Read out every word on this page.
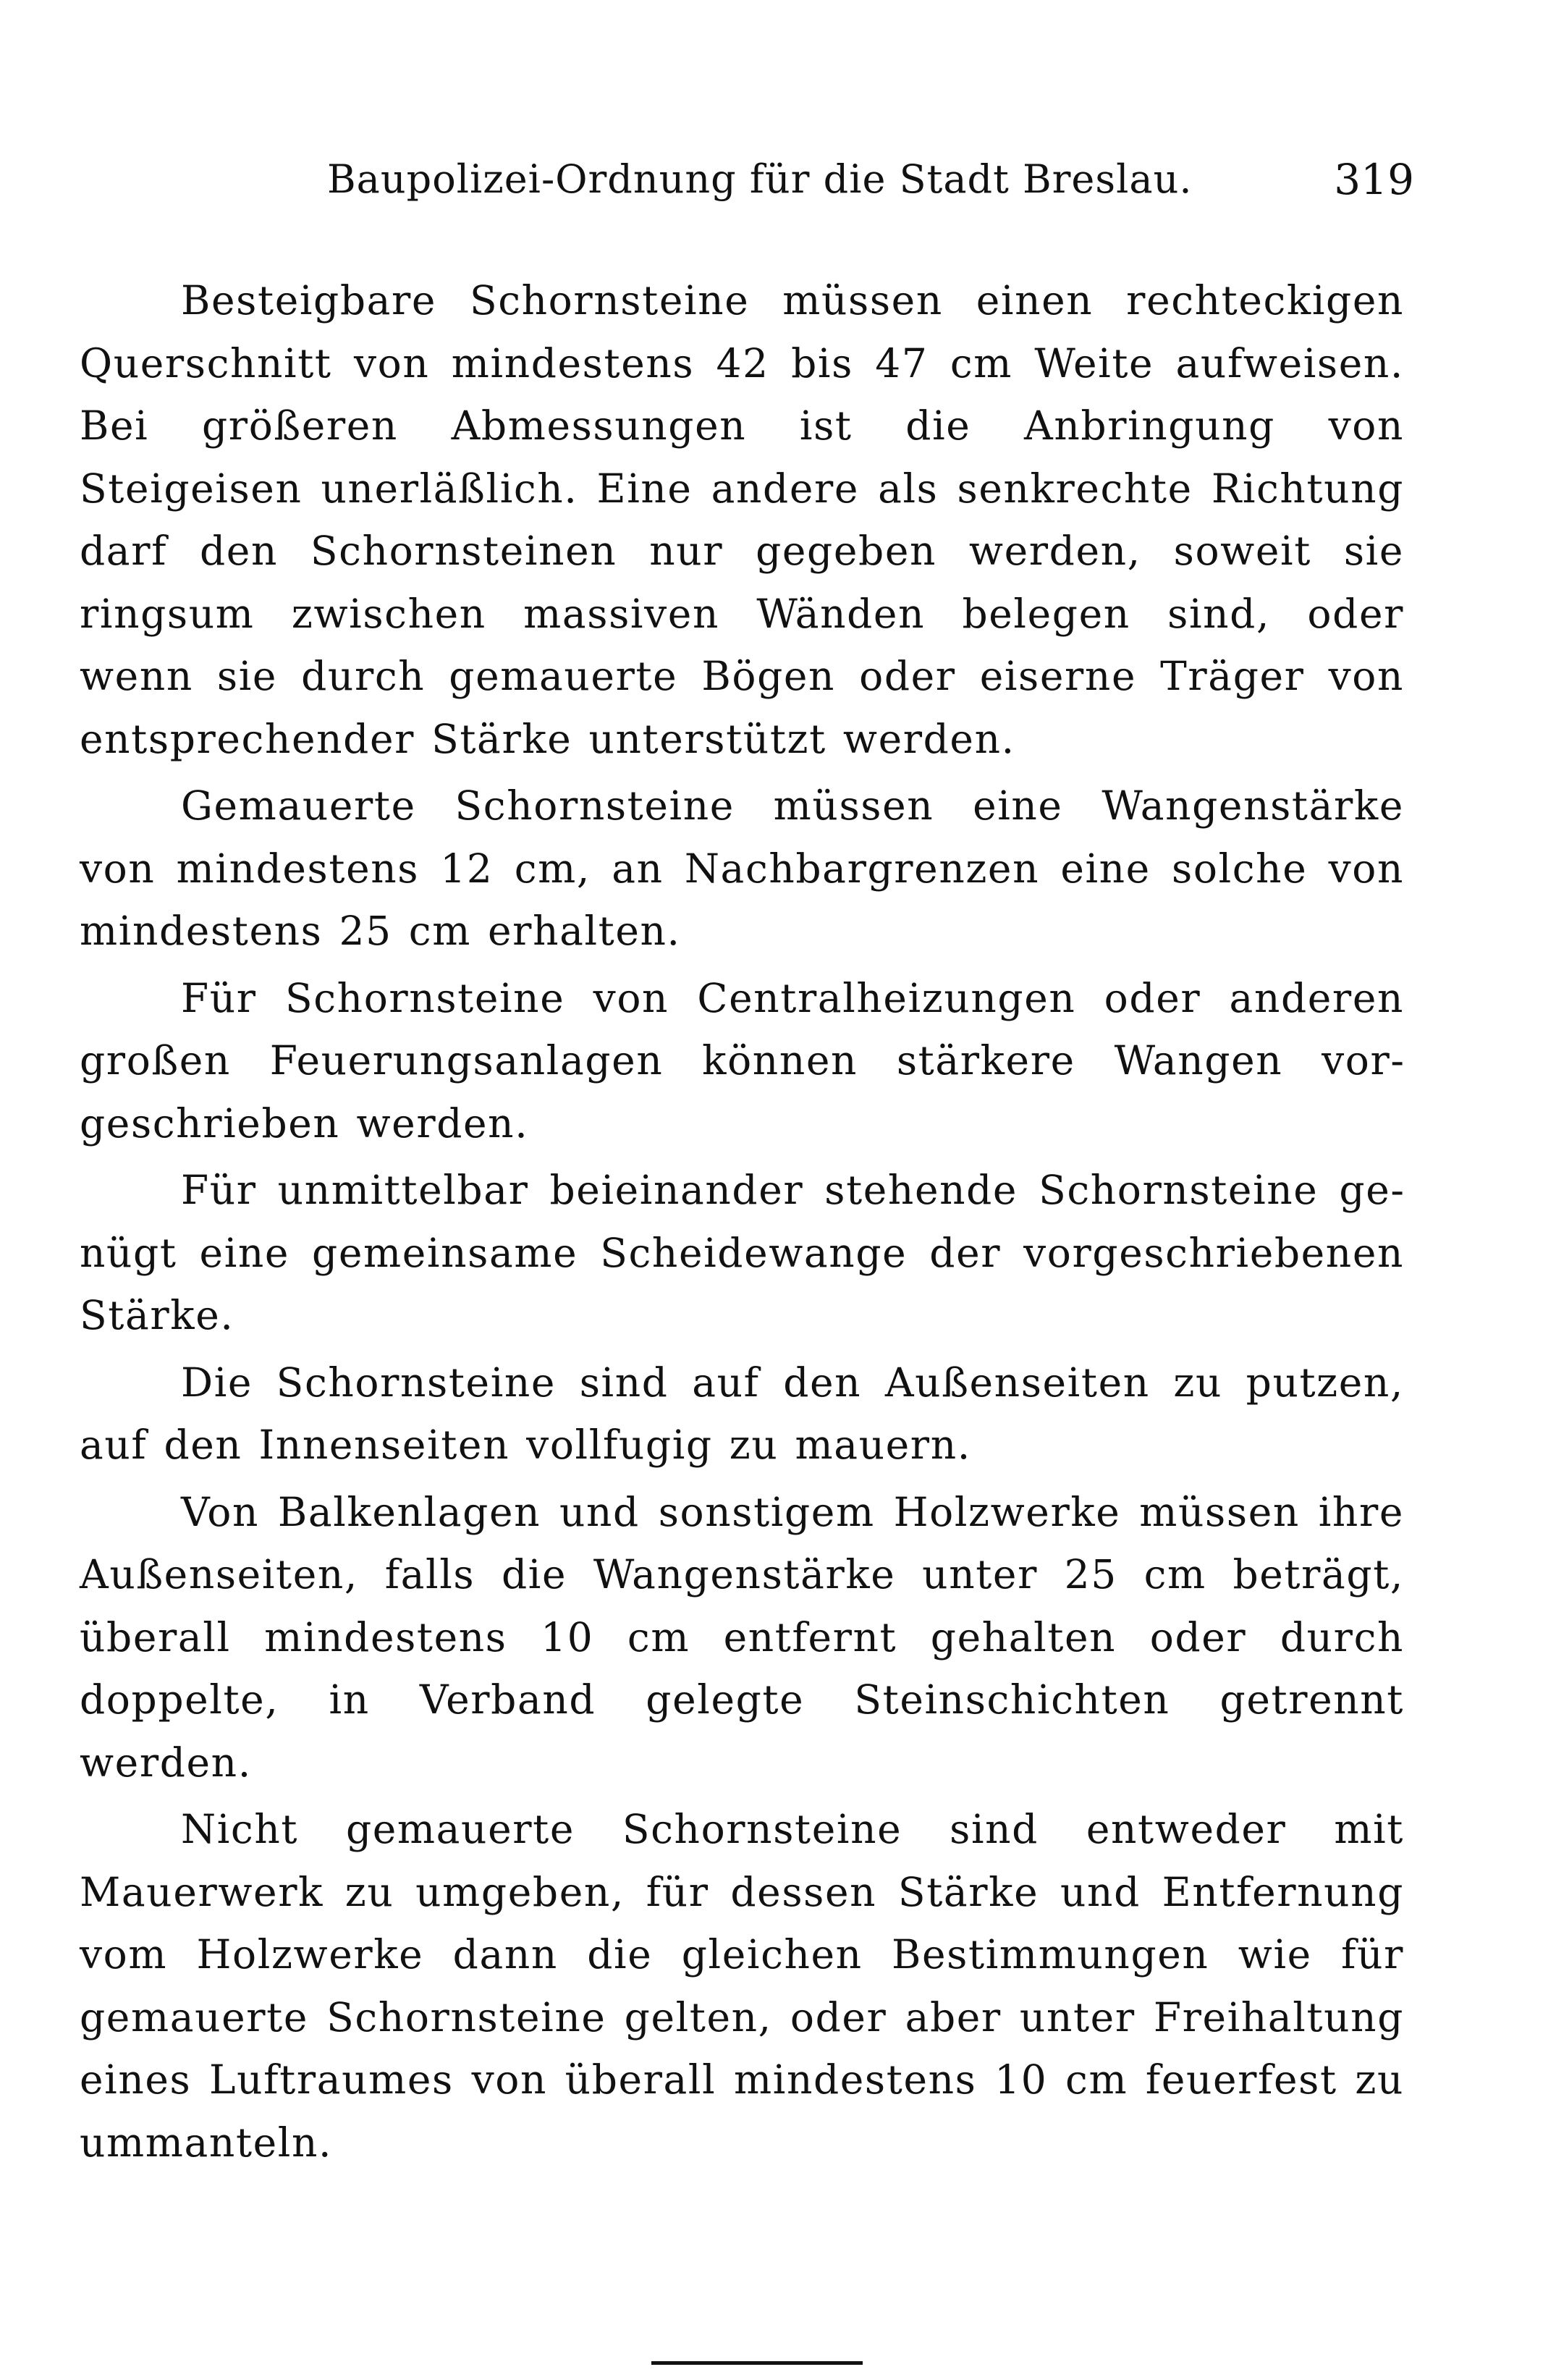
Baupolizei-Ordnung für die Stadt Breslau.	319

Besteigbare Schornsteine müssen einen rechteckigen Querschnitt von mindestens 42 bis 47 cm Weite aufweisen. Bei größeren Abmessungen ist die Anbringung von Steigeisen unerläßlich. Eine andere als senkrechte Richtung darf den Schornsteinen nur gegeben werden, soweit sie ringsum zwischen massiven Wänden belegen sind, oder wenn sie durch gemauerte Bögen oder eiserne Träger von entsprechender Stärke unterstützt werden.

Gemauerte Schornsteine müssen eine Wangenstärke von mindestens 12 cm, an Nachbargrenzen eine solche von mindestens 25 cm erhalten.

Für Schornsteine von Centralheizungen oder anderen großen Feuerungsanlagen können stärkere Wangen vorgeschrieben werden.

Für unmittelbar beieinander stehende Schornsteine genügt eine gemeinsame Scheidewange der vorgeschriebenen Stärke.

Die Schornsteine sind auf den Außenseiten zu putzen, auf den Innenseiten vollfugig zu mauern.

Von Balkenlagen und sonstigem Holzwerke müssen ihre Außenseiten, falls die Wangenstärke unter 25 cm beträgt, überall mindestens 10 cm entfernt gehalten oder durch doppelte, in Verband gelegte Steinschichten getrennt werden.

Nicht gemauerte Schornsteine sind entweder mit Mauerwerk zu umgeben, für dessen Stärke und Entfernung vom Holzwerke dann die gleichen Bestimmungen wie für gemauerte Schornsteine gelten, oder aber unter Freihaltung eines Luftraumes von überall mindestens 10 cm feuerfest zu ummanteln.
